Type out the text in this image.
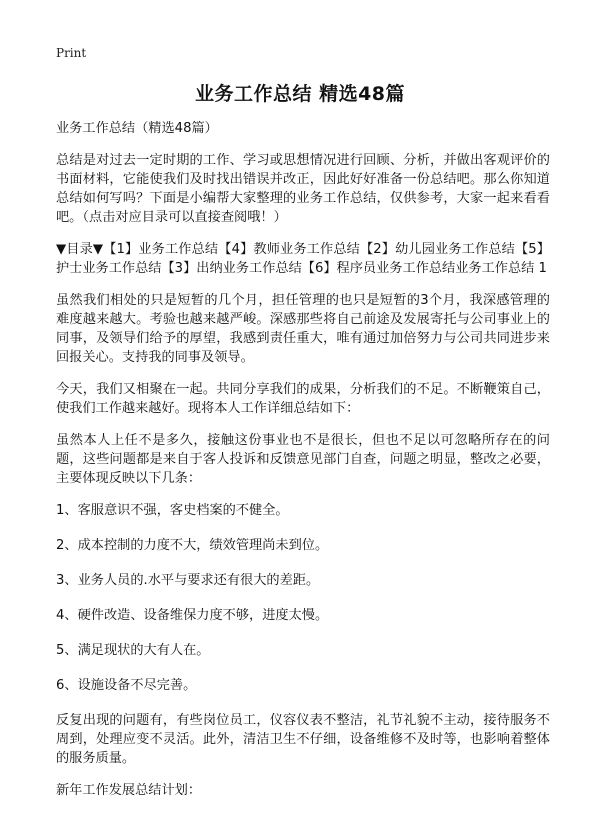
Print
业务工作总结 精选48篇

业务工作总结（精选48篇）

总结是对过去一定时期的工作、学习或思想情况进行回顾、分析，并做出客观评价的书面材料，它能使我们及时找出错误并改正，因此好好准备一份总结吧。那么你知道总结如何写吗？下面是小编帮大家整理的业务工作总结，仅供参考，大家一起来看看吧。（点击对应目录可以直接查阅哦！）

▼目录▼【1】业务工作总结【4】教师业务工作总结【2】幼儿园业务工作总结【5】护士业务工作总结【3】出纳业务工作总结【6】程序员业务工作总结业务工作总结 1

虽然我们相处的只是短暂的几个月，担任管理的也只是短暂的3个月，我深感管理的难度越来越大。考验也越来越严峻。深感那些将自己前途及发展寄托与公司事业上的同事，及领导们给予的厚望，我感到责任重大，唯有通过加倍努力与公司共同进步来回报关心。支持我的同事及领导。

今天，我们又相聚在一起。共同分享我们的成果，分析我们的不足。不断鞭策自己，使我们工作越来越好。现将本人工作详细总结如下：

虽然本人上任不是多久，接触这份事业也不是很长，但也不足以可忽略所存在的问题，这些问题都是来自于客人投诉和反馈意见部门自查，问题之明显，整改之必要，主要体现反映以下几条：

1、客服意识不强，客史档案的不健全。

2、成本控制的力度不大，绩效管理尚未到位。

3、业务人员的.水平与要求还有很大的差距。

4、硬件改造、设备维保力度不够，进度太慢。

5、满足现状的大有人在。

6、设施设备不尽完善。

反复出现的问题有，有些岗位员工，仪容仪表不整洁，礼节礼貌不主动，接待服务不周到，处理应变不灵活。此外，清洁卫生不仔细，设备维修不及时等，也影响着整体的服务质量。

新年工作发展总结计划：
